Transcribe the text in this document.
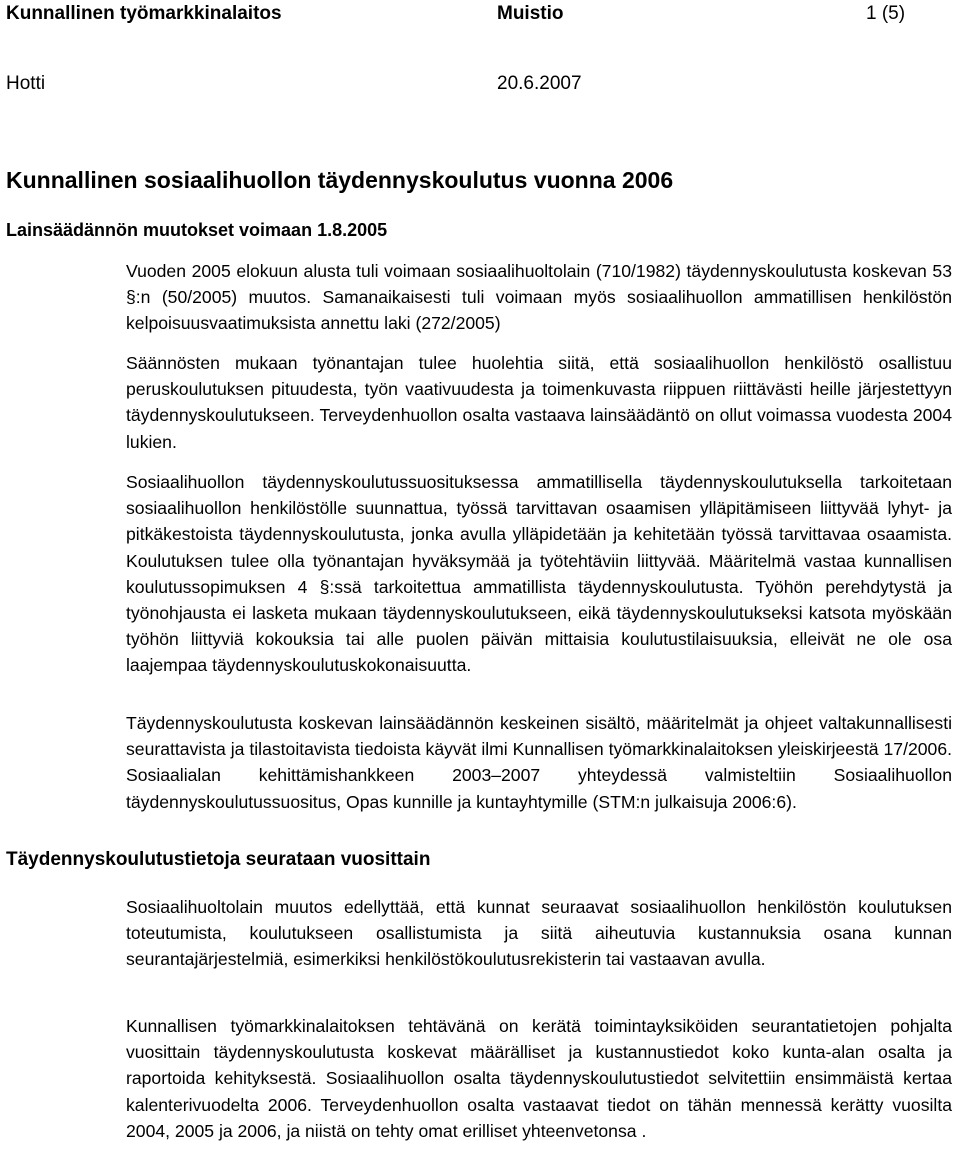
Kunnallinen työmarkkinalaitos	Muistio	1 (5)
Hotti	20.6.2007
Kunnallinen sosiaalihuollon täydennyskoulutus vuonna 2006
Lainsäädännön muutokset voimaan 1.8.2005

Vuoden 2005 elokuun alusta tuli voimaan sosiaalihuoltolain (710/1982) täydennyskoulutusta koskevan 53 §:n (50/2005) muutos. Samanaikaisesti tuli voimaan myös sosiaalihuollon ammatillisen henkilöstön kelpoisuusvaatimuksista annettu laki (272/2005)

Säännösten mukaan työnantajan tulee huolehtia siitä, että sosiaalihuollon henkilöstö osallistuu peruskoulutuksen pituudesta, työn vaativuudesta ja toimenkuvasta riippuen riittävästi heille järjestettyyn täydennyskoulutukseen. Terveydenhuollon osalta vastaava lainsäädäntö on ollut voimassa vuodesta 2004 lukien.

Sosiaalihuollon täydennyskoulutussuosituksessa ammatillisella täydennyskoulutuksella tarkoitetaan sosiaalihuollon henkilöstölle suunnattua, työssä tarvittavan osaamisen ylläpitämiseen liittyvää lyhyt- ja pitkäkestoista täydennyskoulutusta, jonka avulla ylläpidetään ja kehitetään työssä tarvittavaa osaamista. Koulutuksen tulee olla työnantajan hyväksymää ja työtehtäviin liittyvää. Määritelmä vastaa kunnallisen koulutussopimuksen 4 §:ssä tarkoitettua ammatillista täydennyskoulutusta. Työhön perehdytystä ja työnohjausta ei lasketa mukaan täydennyskoulutukseen, eikä täydennyskoulutukseksi katsota myöskään työhön liittyviä kokouksia tai alle puolen päivän mittaisia koulutustilaisuuksia, elleivät ne ole osa laajempaa täydennyskoulutuskokonaisuutta.

Täydennyskoulutusta koskevan lainsäädännön keskeinen sisältö, määritelmät ja ohjeet valtakunnallisesti seurattavista ja tilastoitavista tiedoista käyvät ilmi Kunnallisen työmarkkinalaitoksen yleiskirjeestä 17/2006. Sosiaalialan kehittämishankkeen 2003–2007 yhteydessä valmisteltiin Sosiaalihuollon täydennyskoulutussuositus, Opas kunnille ja kuntayhtymille (STM:n julkaisuja 2006:6).

Täydennyskoulutustietoja seurataan vuosittain

Sosiaalihuoltolain muutos edellyttää, että kunnat seuraavat sosiaalihuollon henkilöstön koulutuksen toteutumista, koulutukseen osallistumista ja siitä aiheutuvia kustannuksia osana kunnan seurantajärjestelmiä, esimerkiksi henkilöstökoulutusrekisterin tai vastaavan avulla.

Kunnallisen työmarkkinalaitoksen tehtävänä on kerätä toimintayksiköiden seurantatietojen pohjalta vuosittain täydennyskoulutusta koskevat määrälliset ja kustannustiedot koko kunta-alan osalta ja raportoida kehityksestä. Sosiaalihuollon osalta täydennyskoulutustiedot selvitettiin ensimmäistä kertaa kalenterivuodelta 2006. Terveydenhuollon osalta vastaavat tiedot on tähän mennessä kerätty vuosilta 2004, 2005 ja 2006, ja niistä on tehty omat erilliset yhteenvetonsa .
